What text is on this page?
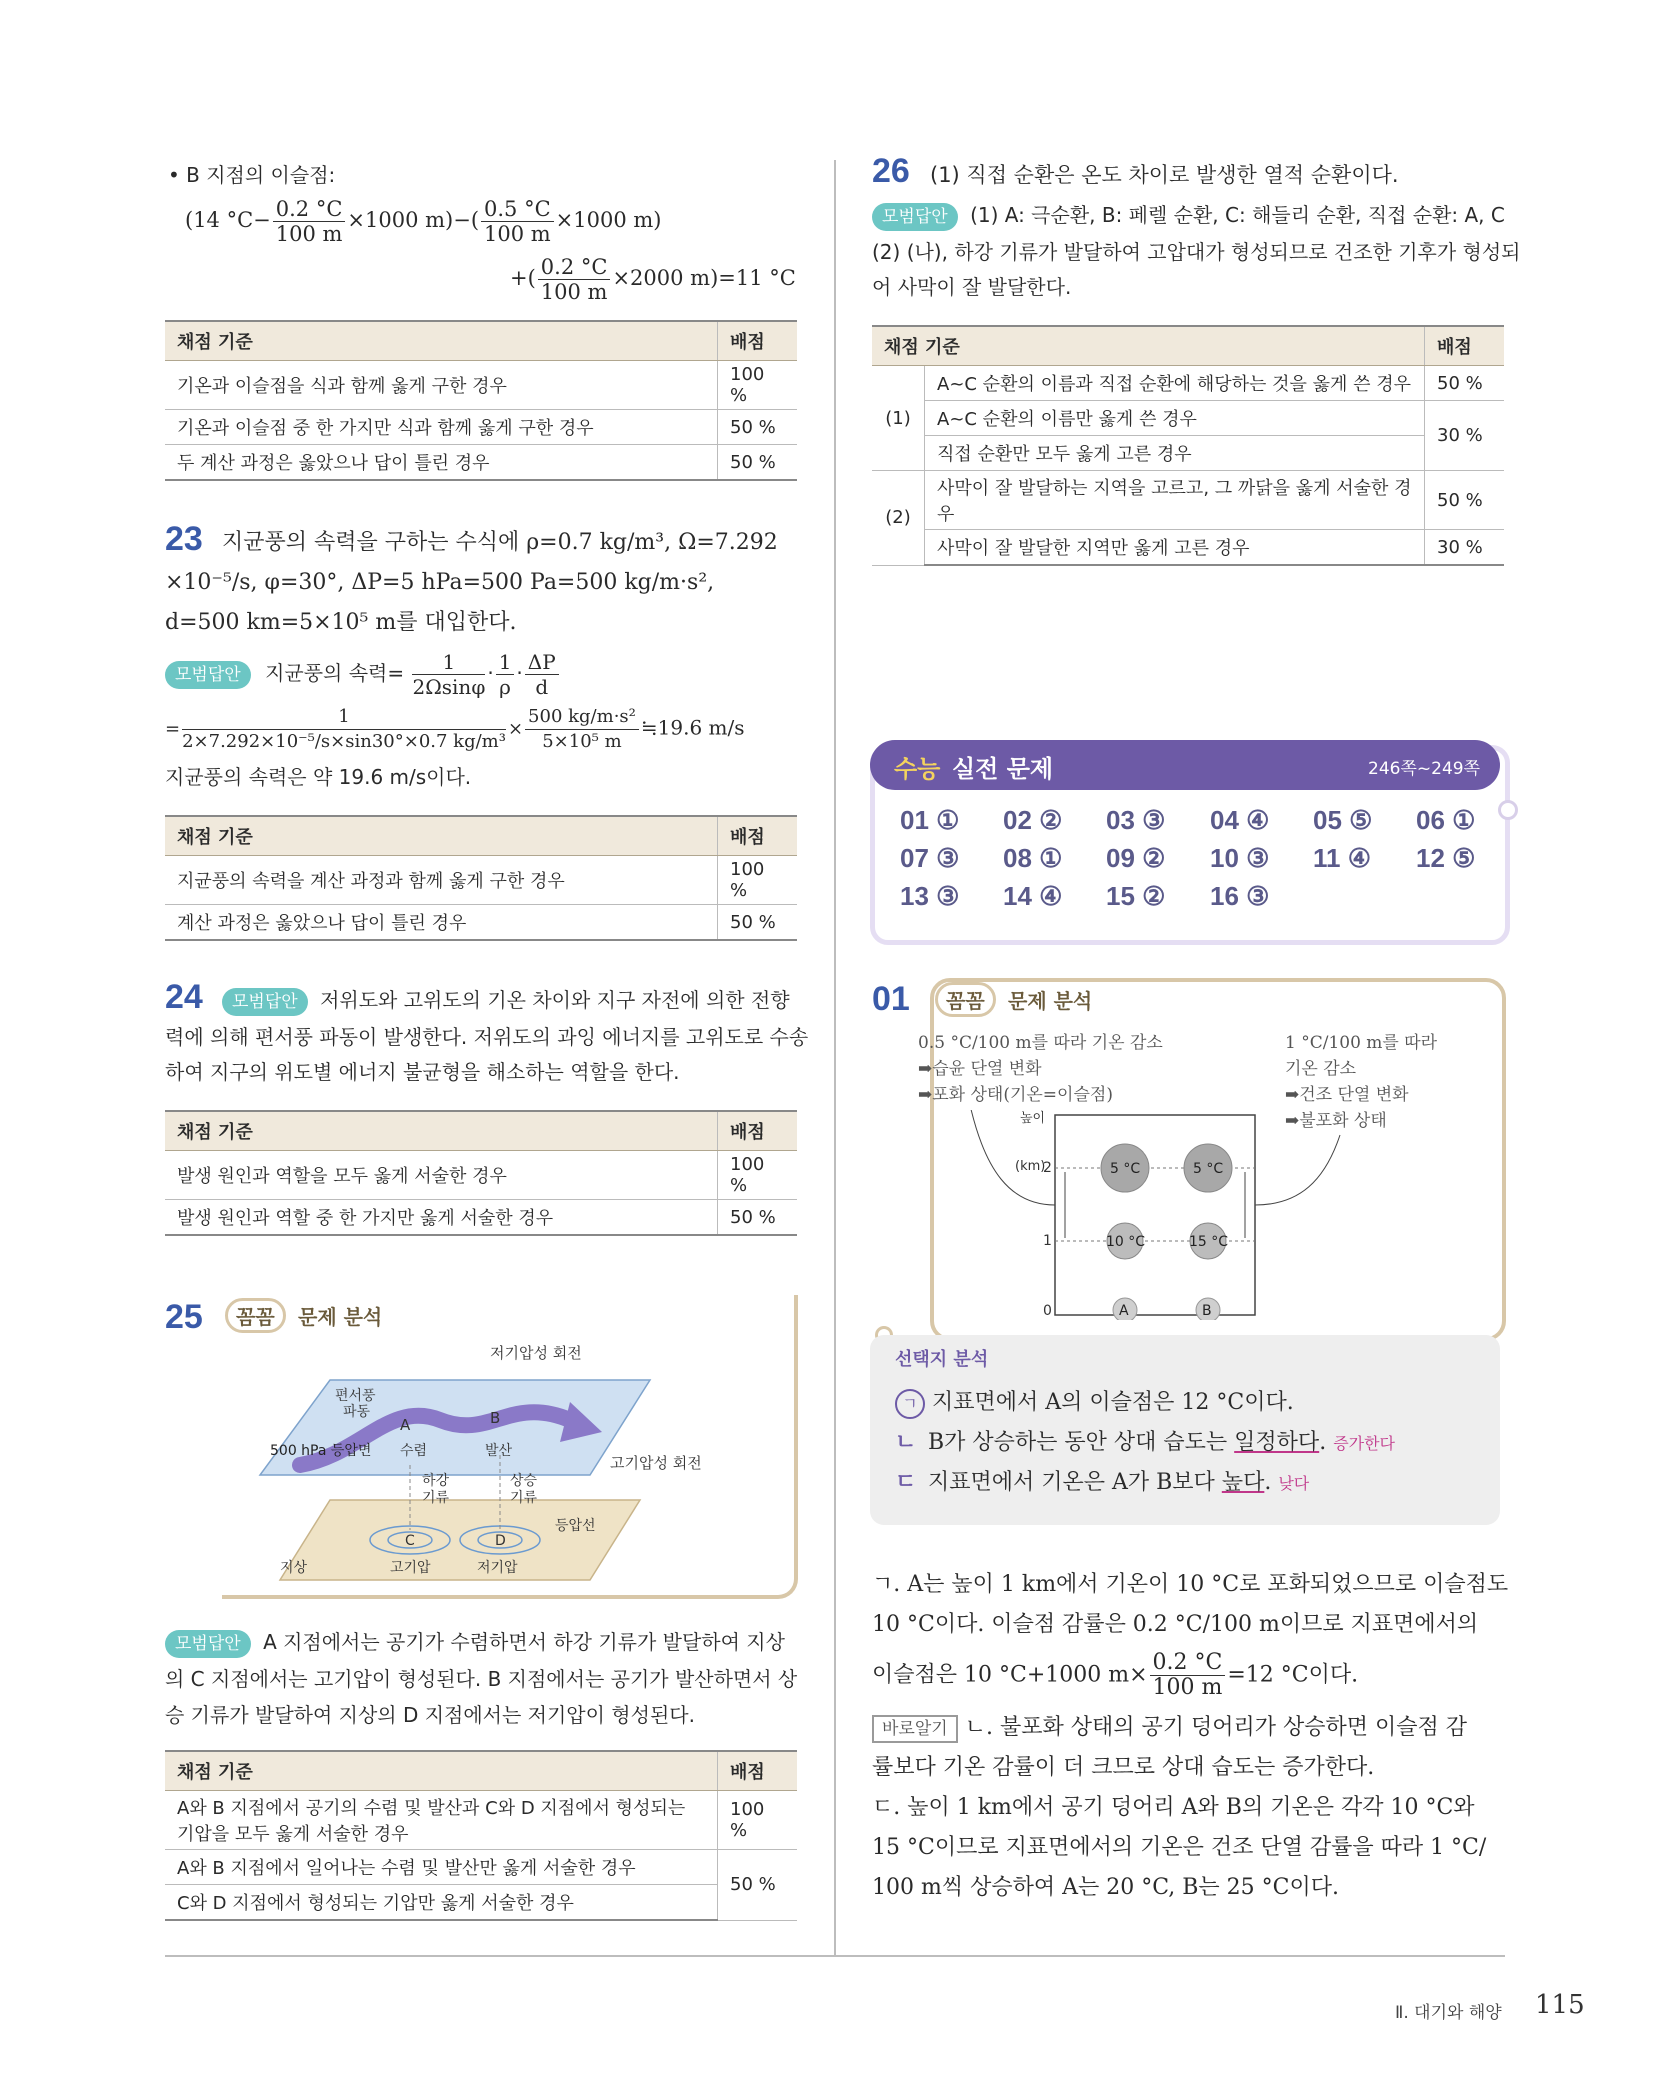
• B 지점의 이슬점:
(14 $^\circ C- \frac{0.2 ^\circ C}{100 m} \times 1000$ $m)-( \frac{0.5 ^\circ C}{100 m} \times 1000$ m)
+( $\frac{0.2 ^\circ C}{100 m} \times 2000$ m)=11 °C
채점 기준	배점
기온과 이슬점을 식과 함께 옳게 구한 경우	100 %
기온과 이슬점 중 한 가지만 식과 함께 옳게 구한 경우	50 %
두 계산 과정은 옳았으나 답이 틀린 경우	50 %
23 지균풍의 속력을 구하는 수식에 ρ=0.7 kg/m³, Ω=7.292
×10⁻⁵/s, φ=30°, ΔP=5 hPa=500 Pa=500 kg/m·s²,
d=500 km=5×10⁵ m를 대입한다.
모범답안 지균풍의 속력= $\frac{1}{2\Omega\sin\varphi} \cdot \frac{1}{\rho} \cdot \frac{\Delta P}{d}$
= $\frac{1}{\text{2×7.292×10⁻⁵/s×sin30°×0.7 kg/m³}} \times \frac{\text{500 kg/m·s²}}{\text{5×10⁵ m}}$ ≒19.6 m/s
지균풍의 속력은 약 19.6 m/s이다.
채점 기준	배점
지균풍의 속력을 계산 과정과 함께 옳게 구한 경우	100 %
계산 과정은 옳았으나 답이 틀린 경우	50 %
24	모범답안 저위도와 고위도의 기온 차이와 지구 자전에 의한 전향
력에 의해 편서풍 파동이 발생한다. 저위도의 과잉 에너지를 고위도로 수송
하여 지구의 위도별 에너지 불균형을 해소하는 역할을 한다.
채점 기준	배점
발생 원인과 역할을 모두 옳게 서술한 경우	100 %
발생 원인과 역할 중 한 가지만 옳게 서술한 경우	50 %
25	꼼꼼 문제 분석
저기압성 회전
편서풍
파동
A	B
500 hPa 등압면 수렴	발산
고기압성 회전
하강
기류
상승
기류
등압선
지상
C	D
고기압	저기압
모범답안 A 지점에서는 공기가 수렴하면서 하강 기류가 발달하여 지상
의 C 지점에서는 고기압이 형성된다. B 지점에서는 공기가 발산하면서 상
승 기류가 발달하여 지상의 D 지점에서는 저기압이 형성된다.
채점 기준	배점
A와 B 지점에서 공기의 수렴 및 발산과 C와 D 지점에서 형성되는
기압을 모두 옳게 서술한 경우	100 %
A와 B 지점에서 일어나는 수렴 및 발산만 옳게 서술한 경우	50 %
C와 D 지점에서 형성되는 기압만 옳게 서술한 경우	
26 (1) 직접 순환은 온도 차이로 발생한 열적 순환이다.
모범답안 (1) A: 극순환, B: 페렐 순환, C: 해들리 순환, 직접 순환: A, C
(2) (나), 하강 기류가 발달하여 고압대가 형성되므로 건조한 기후가 형성되
어 사막이 잘 발달한다.
채점 기준		배점
(1)	A~C 순환의 이름과 직접 순환에 해당하는 것을 옳게 쓴 경우	50 %
	A~C 순환의 이름만 옳게 쓴 경우	30 %
	직접 순환만 모두 옳게 고른 경우	
(2)	사막이 잘 발달하는 지역을 고르고, 그 까닭을 옳게 서술한 경우	50 %
	사막이 잘 발달한 지역만 옳게 고른 경우	30 %
수능 실전 문제	246쪽~249쪽
01 ① 02 ② 03 ③ 04 ④ 05 ⑤ 06 ①
07 ③ 08 ① 09 ② 10 ③ 11 ④ 12 ⑤
13 ③ 14 ④ 15 ② 16 ③
01	꼼꼼 문제 분석
0.5 °C/100 m를 따라 기온 감소
➡습윤 단열 변화
➡포화 상태(기온=이슬점)
1 °C/100 m를 따라
기온 감소
➡건조 단열 변화
➡불포화 상태
높이
(km)
2
1
0
5 °C	5 °C
10 °C	15 °C
A	B
선택지 분석
ㄱ 지표면에서 A의 이슬점은 12 °C이다.
ㄴ B가 상승하는 동안 상대 습도는 일정하다. 증가한다
ㄷ 지표면에서 기온은 A가 B보다 높다. 낮다
ㄱ. A는 높이 1 km에서 기온이 10 °C로 포화되었으므로 이슬점도
10 °C이다. 이슬점 감률은 0.2 °C/100 m이므로 지표면에서의
이슬점은 10 °C+1000 $m\times \frac{0.2 ^\circ C}{100 m} =12$ °C이다.
바로알기 ㄴ. 불포화 상태의 공기 덩어리가 상승하면 이슬점 감
률보다 기온 감률이 더 크므로 상대 습도는 증가한다.
ㄷ. 높이 1 km에서 공기 덩어리 A와 B의 기온은 각각 10 °C와
15 °C이므로 지표면에서의 기온은 건조 단열 감률을 따라 1 °C/
100 m씩 상승하여 A는 20 °C, B는 25 °C이다.
Ⅱ. 대기와 해양 115
